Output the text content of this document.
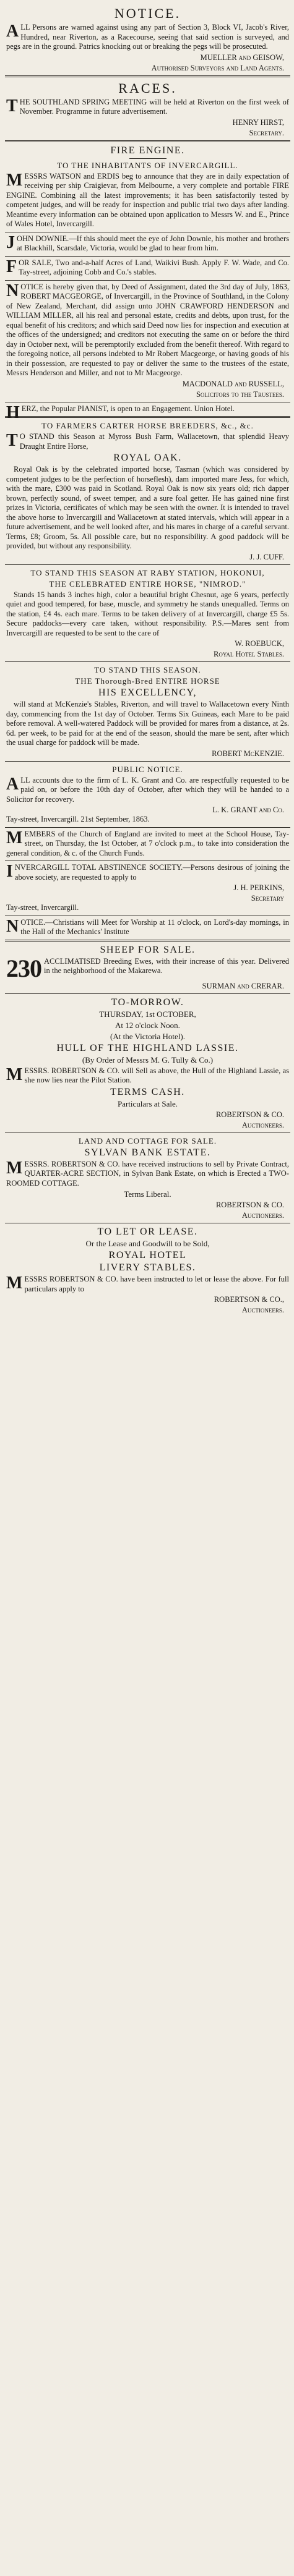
NOTICE.

ALL Persons are warned against using any part of Section 3, Block VI, Jacob's River, Hundred, near Riverton, as a Racecourse, seeing that said section is surveyed, and pegs are in the ground. Patrics knocking out or breaking the pegs will be prosecuted.

MUELLER and GEISOW,
Authorised Surveyors and Land Agents.
RACES.

THE SOUTHLAND SPRING MEETING will be held at Riverton on the first week of November. Programme in future advertisement.

HENRY HIRST,
Secretary.
FIRE ENGINE.
TO THE INHABITANTS OF INVERCARGILL.

MESSRS WATSON and ERDIS beg to announce that they are in daily expectation of receiving per ship Craigievar, from Melbourne, a very complete and portable FIRE ENGINE. Combining all the latest improvements; it has been satisfactorily tested by competent judges, and will be ready for inspection and public trial two days after landing. Meantime every information can be obtained upon application to Messrs W. and E., Prince of Wales Hotel, Invercargill.

JOHN DOWNIE.—If this should meet the eye of John Downie, his mother and brothers at Blackhill, Scarsdale, Victoria, would be glad to hear from him.

FOR SALE, Two and-a-half Acres of Land, Waikivi Bush. Apply F. W. Wade, and Co. Tay-street, adjoining Cobb and Co.'s stables.

NOTICE is hereby given that, by Deed of Assignment, dated the 3rd day of July, 1863, ROBERT MACGEORGE, of Invercargill, in the Province of Southland, in the Colony of New Zealand, Merchant, did assign unto JOHN CRAWFORD HENDERSON and WILLIAM MILLER, all his real and personal estate, credits and debts, upon trust, for the equal benefit of his creditors; and which said Deed now lies for inspection and execution at the offices of the undersigned; and creditors not executing the same on or before the third day in October next, will be peremptorily excluded from the benefit thereof. With regard to the foregoing notice, all persons indebted to Mr Robert Macgeorge, or having goods of his in their possession, are requested to pay or deliver the same to the trustees of the estate, Messrs Henderson and Miller, and not to Mr Macgeorge.

MACDONALD and RUSSELL,
Solicitors to the Trustees.

HERZ, the Popular PIANIST, is open to an Engagement. Union Hotel.

TO FARMERS CARTER HORSE BREEDERS, &c., &c.

TO STAND this Season at Myross Bush Farm, Wallacetown, that splendid Heavy Draught Entire Horse,

ROYAL OAK.

Royal Oak is by the celebrated imported horse, Tasman (which was considered by competent judges to be the perfection of horseflesh), dam imported mare Jess, for which, with the mare, £300 was paid in Scotland. Royal Oak is now six years old; rich dapper brown, perfectly sound, of sweet temper, and a sure foal getter. He has gained nine first prizes in Victoria, certificates of which may be seen with the owner. It is intended to travel the above horse to Invercargill and Wallacetown at stated intervals, which will appear in a future advertisement, and be well looked after, and his mares in charge of a careful servant. Terms, £8; Groom, 5s. All possible care, but no responsibility. A good paddock will be provided, but without any responsibility.

J. J. CUFF.
TO STAND THIS SEASON AT RABY STATION, HOKONUI,
THE CELEBRATED ENTIRE HORSE, "NIMROD."

Stands 15 hands 3 inches high, color a beautiful bright Chesnut, age 6 years, perfectly quiet and good tempered, for base, muscle, and symmetry he stands unequalled. Terms on the station, £4 4s. each mare. Terms to be taken delivery of at Invercargill, charge £5 5s. Secure paddocks—every care taken, without responsibility. P.S.—Mares sent from Invercargill are requested to be sent to the care of

W. ROEBUCK,
Royal Hotel Stables.
TO STAND THIS SEASON.
THE Thorough-Bred ENTIRE HORSE
HIS EXCELLENCY,

will stand at McKenzie's Stables, Riverton, and will travel to Wallacetown every Ninth day, commencing from the 1st day of October. Terms Six Guineas, each Mare to be paid before removal. A well-watered Paddock will be provided for mares from a distance, at 2s. 6d. per week, to be paid for at the end of the season, should the mare be sent, after which the usual charge for paddock will be made.

ROBERT McKENZIE.
PUBLIC NOTICE.

ALL accounts due to the firm of L. K. Grant and Co. are respectfully requested to be paid on, or before the 10th day of October, after which they will be handed to a Solicitor for recovery.

L. K. GRANT and Co.

Tay-street, Invercargill. 21st September, 1863.

MEMBERS of the Church of England are invited to meet at the School House, Tay-street, on Thursday, the 1st October, at 7 o'clock p.m., to take into consideration the general condition, & c. of the Church Funds.

INVERCARGILL TOTAL ABSTINENCE SOCIETY.—Persons desirous of joining the above society, are requested to apply to

J. H. PERKINS,
Secretary

Tay-street, Invercargill.

NOTICE.—Christians will Meet for Worship at 11 o'clock, on Lord's-day mornings, in the Hall of the Mechanics' Institute

SHEEP FOR SALE.
230 ACCLIMATISED Breeding Ewes, with their increase of this year. Delivered in the neighborhood of the Makarewa.

SURMAN and CRERAR.
TO-MORROW.
THURSDAY, 1st OCTOBER,
At 12 o'clock Noon.
(At the Victoria Hotel).
HULL OF THE HIGHLAND LASSIE.
(By Order of Messrs M. G. Tully & Co.)

MESSRS. ROBERTSON & CO. will Sell as above, the Hull of the Highland Lassie, as she now lies near the Pilot Station.

TERMS CASH.
Particulars at Sale.
ROBERTSON & CO.
Auctioneers.
LAND AND COTTAGE FOR SALE.
SYLVAN BANK ESTATE.

MESSRS. ROBERTSON & CO. have received instructions to sell by Private Contract, QUARTER-ACRE SECTION, in Sylvan Bank Estate, on which is Erected a TWO-ROOMED COTTAGE.

Terms Liberal.
ROBERTSON & CO.
Auctioneers.
TO LET OR LEASE.
Or the Lease and Goodwill to be Sold,
ROYAL HOTEL
LIVERY STABLES.

MESSRS ROBERTSON & CO. have been instructed to let or lease the above. For full particulars apply to

ROBERTSON & CO.,
Auctioneers.
